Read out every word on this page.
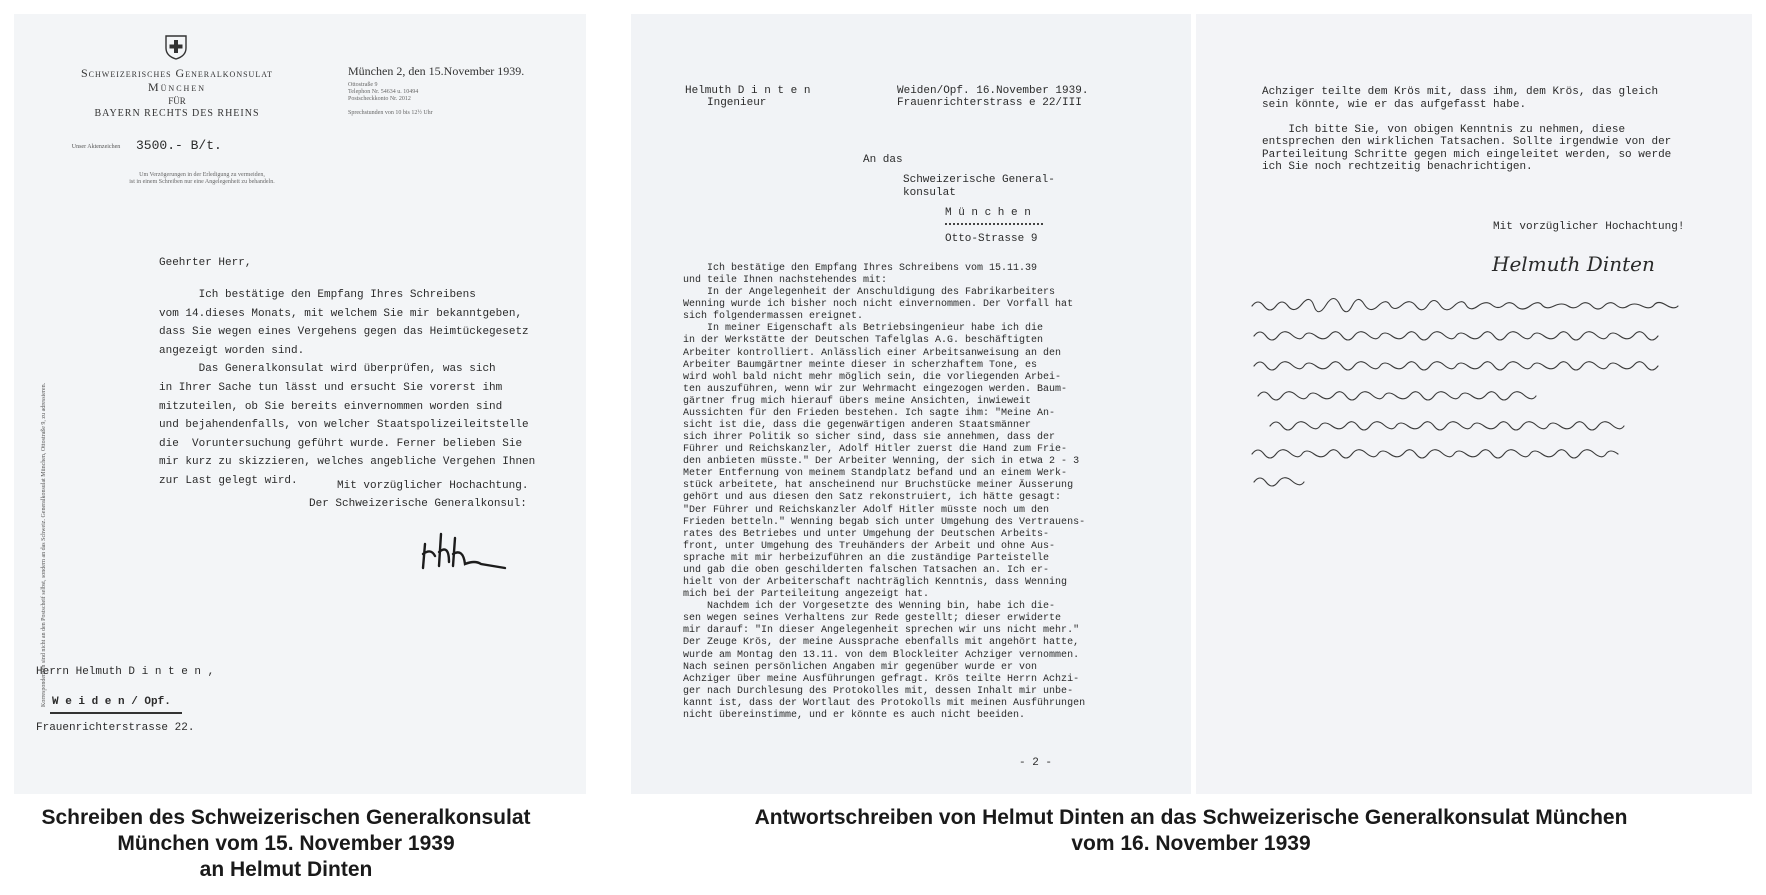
Schweizerisches Generalkonsulat
München
FÜR
BAYERN RECHTS DES RHEINS
München 2, den 15.November 1939.
Ottostraße 9
Telephon Nr. 54634 u. 10494
Postscheckkonto Nr. 2012
Sprechstunden von 10 bis 12½ Uhr
Unser Aktenzeichen	3500.- B/t.
Um Verzögerungen in der Erledigung zu vermeiden,
ist in einem Schreiben nur eine Angelegenheit zu behandeln.
Korrespondenzen sind nicht an den Postscheif selbst, sondern an das Schweiz. Generalkonsulat München, Ottostraße 9, zu adressieren.
Geehrter Herr,
Ich bestätige den Empfang Ihres Schreibens
vom 14.dieses Monats, mit welchem Sie mir bekanntgeben,
dass Sie wegen eines Vergehens gegen das Heimtückegesetz
angezeigt worden sind.
Das Generalkonsulat wird überprüfen, was sich
in Ihrer Sache tun lässt und ersucht Sie vorerst ihm
mitzuteilen, ob Sie bereits einvernommen worden sind
und bejahendenfalls, von welcher Staatspolizeileitstelle
die  Voruntersuchung geführt wurde. Ferner belieben Sie
mir kurz zu skizzieren, welches angebliche Vergehen Ihnen
zur Last gelegt wird.	Mit vorzüglicher Hochachtung.
Der Schweizerische Generalkonsul:
Herrn Helmuth D i n t e n ,
W e i d e n / Opf.
Frauenrichterstrasse 22.
Helmuth D i n t e n
Ingenieur
Weiden/Opf. 16.November 1939.
Frauenrichterstrass e 22/III
An das
Schweizerische General-
konsulat
M ü n c h e n
Otto-Strasse 9
Ich bestätige den Empfang Ihres Schreibens vom 15.11.39
und teile Ihnen nachstehendes mit:
In der Angelegenheit der Anschuldigung des Fabrikarbeiters
Wenning wurde ich bisher noch nicht einvernommen. Der Vorfall hat
sich folgendermassen ereignet.
In meiner Eigenschaft als Betriebsingenieur habe ich die
in der Werkstätte der Deutschen Tafelglas A.G. beschäftigten
Arbeiter kontrolliert. Anlässlich einer Arbeitsanweisung an den
Arbeiter Baumgärtner meinte dieser in scherzhaftem Tone, es
wird wohl bald nicht mehr möglich sein, die vorliegenden Arbei-
ten auszuführen, wenn wir zur Wehrmacht eingezogen werden. Baum-
gärtner frug mich hierauf übers meine Ansichten, inwieweit
Aussichten für den Frieden bestehen. Ich sagte ihm: "Meine An-
sicht ist die, dass die gegenwärtigen anderen Staatsmänner
sich ihrer Politik so sicher sind, dass sie annehmen, dass der
Führer und Reichskanzler, Adolf Hitler zuerst die Hand zum Frie-
den anbieten müsste." Der Arbeiter Wenning, der sich in etwa 2 - 3
Meter Entfernung von meinem Standplatz befand und an einem Werk-
stück arbeitete, hat anscheinend nur Bruchstücke meiner Äusserung
gehört und aus diesen den Satz rekonstruiert, ich hätte gesagt:
"Der Führer und Reichskanzler Adolf Hitler müsste noch um den
Frieden betteln." Wenning begab sich unter Umgehung des Vertrauens-
rates des Betriebes und unter Umgehung der Deutschen Arbeits-
front, unter Umgehung des Treuhänders der Arbeit und ohne Aus-
sprache mit mir herbeizuführen an die zuständige Parteistelle
und gab die oben geschilderten falschen Tatsachen an. Ich er-
hielt von der Arbeiterschaft nachträglich Kenntnis, dass Wenning
mich bei der Parteileitung angezeigt hat.
Nachdem ich der Vorgesetzte des Wenning bin, habe ich die-
sen wegen seines Verhaltens zur Rede gestellt; dieser erwiderte
mir darauf: "In dieser Angelegenheit sprechen wir uns nicht mehr."
Der Zeuge Krös, der meine Aussprache ebenfalls mit angehört hatte,
wurde am Montag den 13.11. von dem Blockleiter Achziger vernommen.
Nach seinen persönlichen Angaben mir gegenüber wurde er von
Achziger über meine Ausführungen gefragt. Krös teilte Herrn Achzi-
ger nach Durchlesung des Protokolles mit, dessen Inhalt mir unbe-
kannt ist, dass der Wortlaut des Protokolls mit meinen Ausführungen
nicht übereinstimme, und er könnte es auch nicht beeiden.
- 2 -
Achziger teilte dem Krös mit, dass ihm, dem Krös, das gleich
sein könnte, wie er das aufgefasst habe.

Ich bitte Sie, von obigen Kenntnis zu nehmen, diese
entsprechen den wirklichen Tatsachen. Sollte irgendwie von der
Parteileitung Schritte gegen mich eingeleitet werden, so werde
ich Sie noch rechtzeitig benachrichtigen.
Mit vorzüglicher Hochachtung!
Helmuth Dinten
Schreiben des Schweizerischen Generalkonsulat
München vom 15. November 1939
an Helmut Dinten
Antwortschreiben von Helmut Dinten an das Schweizerische Generalkonsulat München
vom 16. November 1939
